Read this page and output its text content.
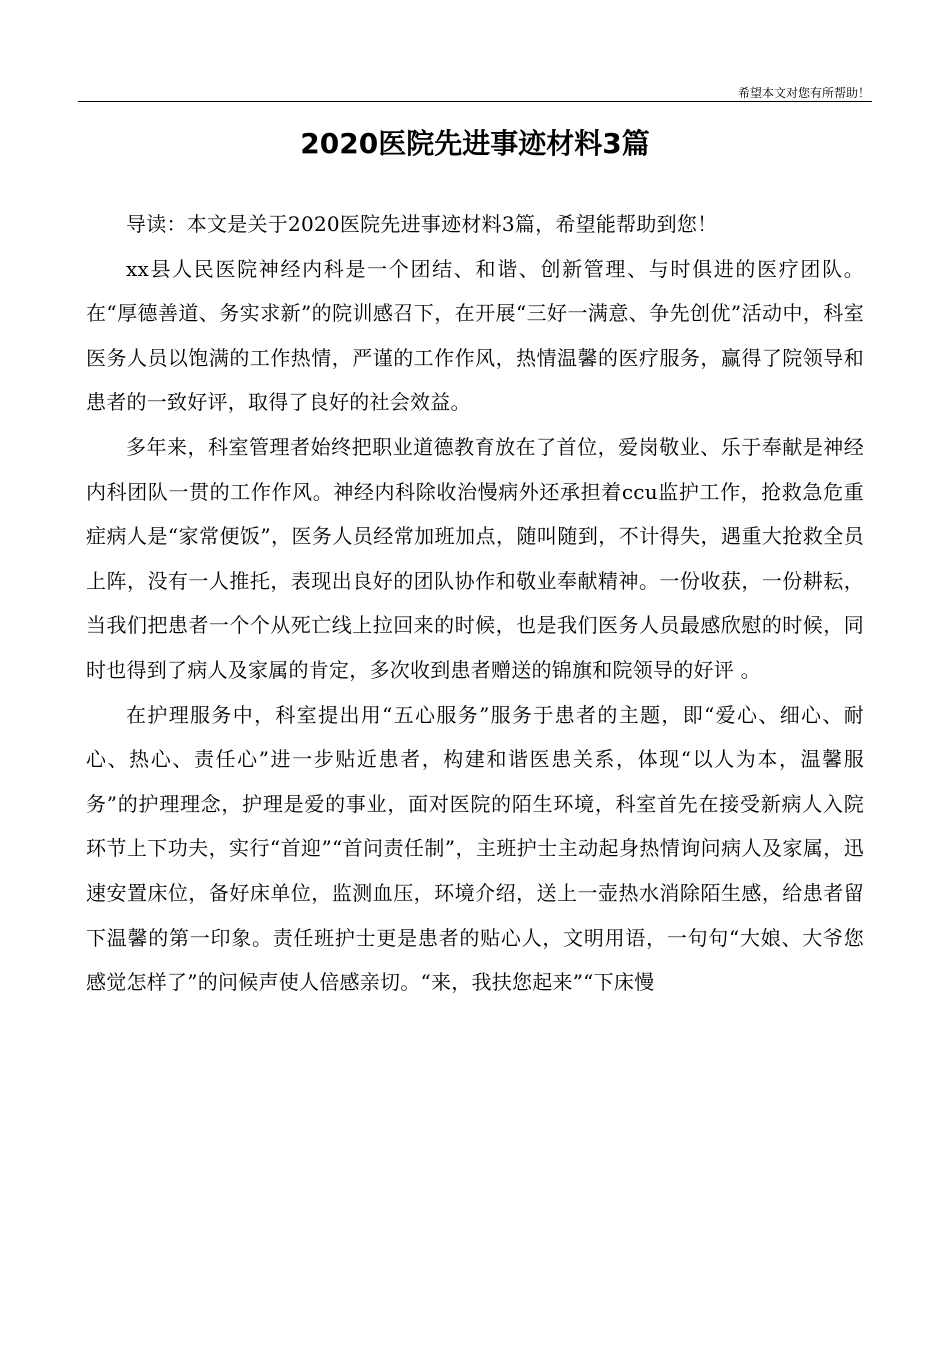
希望本文对您有所帮助！
2020医院先进事迹材料3篇

导读：本文是关于2020医院先进事迹材料3篇，希望能帮助到您！

xx县人民医院神经内科是一个团结、和谐、创新管理、与时俱进的医疗团队。在“厚德善道、务实求新”的院训感召下，在开展“三好一满意、争先创优”活动中，科室医务人员以饱满的工作热情，严谨的工作作风，热情温馨的医疗服务，赢得了院领导和患者的一致好评，取得了良好的社会效益。

多年来，科室管理者始终把职业道德教育放在了首位，爱岗敬业、乐于奉献是神经内科团队一贯的工作作风。神经内科除收治慢病外还承担着ccu监护工作，抢救急危重症病人是“家常便饭”，医务人员经常加班加点，随叫随到，不计得失，遇重大抢救全员上阵，没有一人推托，表现出良好的团队协作和敬业奉献精神。一份收获，一份耕耘，当我们把患者一个个从死亡线上拉回来的时候，也是我们医务人员最感欣慰的时候，同时也得到了病人及家属的肯定，多次收到患者赠送的锦旗和院领导的好评 。

在护理服务中，科室提出用“五心服务”服务于患者的主题，即“爱心、细心、耐心、热心、责任心”进一步贴近患者，构建和谐医患关系，体现“以人为本，温馨服务”的护理理念，护理是爱的事业，面对医院的陌生环境，科室首先在接受新病人入院环节上下功夫，实行“首迎”“首问责任制”，主班护士主动起身热情询问病人及家属，迅速安置床位，备好床单位，监测血压，环境介绍，送上一壶热水消除陌生感，给患者留下温馨的第一印象。责任班护士更是患者的贴心人，文明用语，一句句“大娘、大爷您感觉怎样了”的问候声使人倍感亲切。“来，我扶您起来”“下床慢
